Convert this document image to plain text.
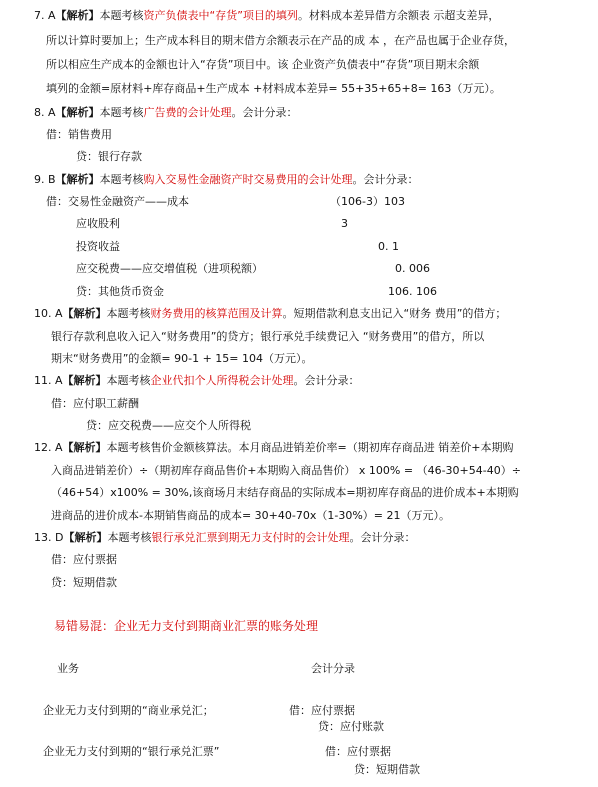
7. A【解析】本题考核资产负债表中“存货”项目的填列。材料成本差异借方余额表 示超支差异，
所以计算时要加上；生产成本科目的期末借方余额表示在产品的成 本 ，在产品也属于企业存货，
所以相应生产成本的金额也计入“存货”项目中。该 企业资产负债表中“存货”项目期末余额
填列的金额=原材料+库存商品+生产成本 +材料成本差异= 55+35+65+8= 163（万元）。
8. A【解析】本题考核广告费的会计处理。会计分录：
借：销售费用
贷：银行存款
9. B【解析】本题考核购入交易性金融资产时交易费用的会计处理。会计分录：
借：交易性金融资产——成本	（106-3）103
应收股利	3
投资收益	0. 1
应交税费——应交增值税（进项税额）	0. 006
贷：其他货币资金	106. 106
10. A【解析】本题考核财务费用的核算范围及计算。短期借款利息支出记入“财务 费用”的借方；
银行存款利息收入记入“财务费用”的贷方；银行承兑手续费记入 “财务费用”的借方，所以
期末“财务费用”的金额= 90-1 + 15= 104（万元）。
11. A【解析】本题考核企业代扣个人所得税会计处理。会计分录：
借：应付职工薪酬
贷：应交税费——应交个人所得税
12. A【解析】本题考核售价金额核算法。本月商品进销差价率=（期初库存商品进 销差价+本期购
入商品进销差价）÷（期初库存商品售价+本期购入商品售价） x 100% = （46-30+54-40）÷
（46+54）x100% = 30%,该商场月末结存商品的实际成本=期初库存商品的进价成本+本期购
进商品的进价成本-本期销售商品的成本= 30+40-70x（1-30%）= 21（万元）。
13. D【解析】本题考核银行承兑汇票到期无力支付时的会计处理。会计分录：
借：应付票据
贷：短期借款
易错易混：企业无力支付到期商业汇票的账务处理
业务	会计分录
企业无力支付到期的“商业承兑汇；	借：应付票据
贷：应付账款
企业无力支付到期的“银行承兑汇票”	借：应付票据
贷：短期借款
